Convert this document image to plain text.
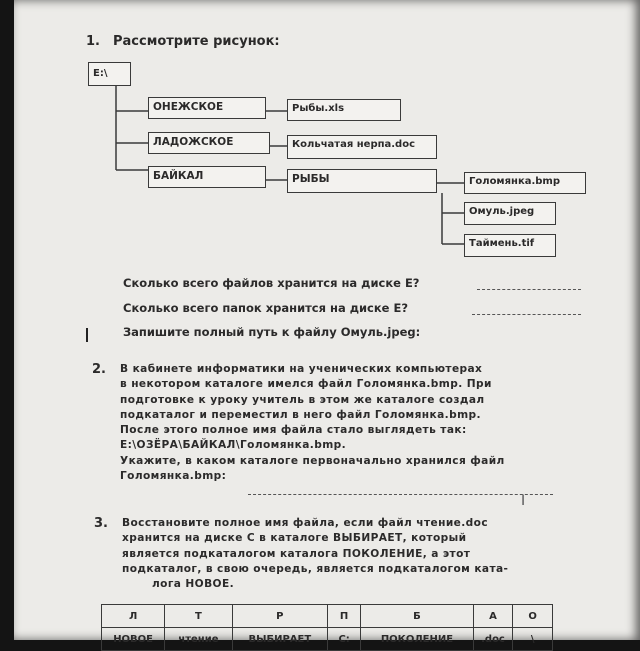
1. Рассмотрите рисунок:
E:\
ОНЕЖСКОЕ	Рыбы.xls
ЛАДОЖСКОЕ	Кольчатая нерпа.doc
БАЙКАЛ	РЫБЫ	Голомянка.bmp
Омуль.jpeg
Таймень.tif
Сколько всего файлов хранится на диске E?
Сколько всего папок хранится на диске E?
Запишите полный путь к файлу Омуль.jpeg:
2. В кабинете информатики на ученических компьютерах
в некотором каталоге имелся файл Голомянка.bmp. При
подготовке к уроку учитель в этом же каталоге создал
подкаталог и переместил в него файл Голомянка.bmp.
После этого полное имя файла стало выглядеть так:
E:\ОЗЁРА\БАЙКАЛ\Голомянка.bmp.
Укажите, в каком каталоге первоначально хранился файл
Голомянка.bmp:
I
3. Восстановите полное имя файла, если файл чтение.doc
хранится на диске C в каталоге ВЫБИРАЕТ, который
является подкаталогом каталога ПОКОЛЕНИЕ, а этот
подкаталог, в свою очередь, является подкаталогом ката-
лога НОВОЕ.
Л	Т	Р	П	Б	А	О
НОВОЕ	чтение	ВЫБИРАЕТ	C:	ПОКОЛЕНИЕ	.doc	\
